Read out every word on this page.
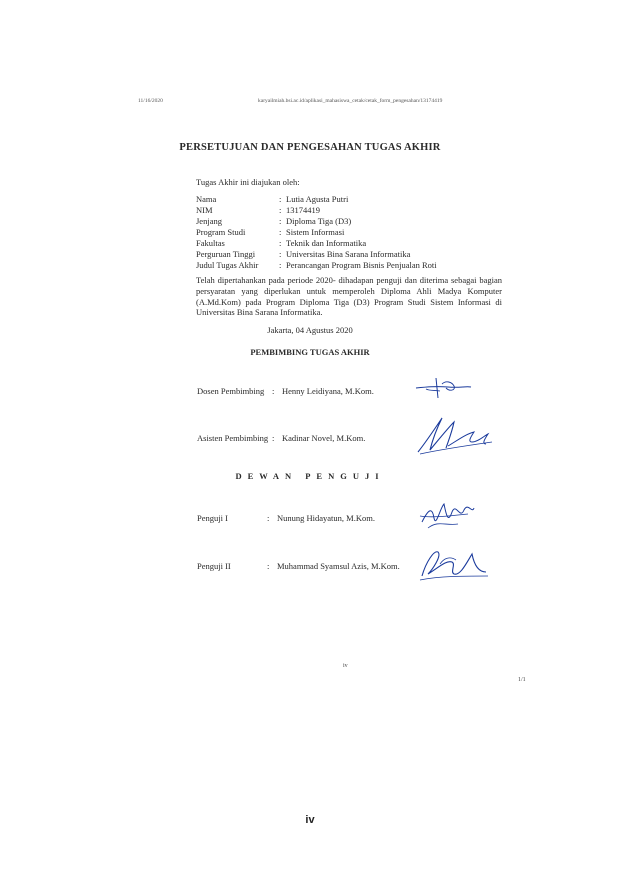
11/16/2020	karyailmiah.bsi.ac.id/aplikasi_mahasiswa_cetak/cetak_form_pengesahan/13174419
PERSETUJUAN DAN PENGESAHAN TUGAS AKHIR
Tugas Akhir ini diajukan oleh:
Nama	: Lutia Agusta Putri
NIM	: 13174419
Jenjang	: Diploma Tiga (D3)
Program Studi	: Sistem Informasi
Fakultas	: Teknik dan Informatika
Perguruan Tinggi	: Universitas Bina Sarana Informatika
Judul Tugas Akhir : Perancangan Program Bisnis Penjualan Roti
Telah dipertahankan pada periode 2020- dihadapan penguji dan diterima sebagai bagian persyaratan yang diperlukan untuk memperoleh Diploma Ahli Madya Komputer (A.Md.Kom) pada Program Diploma Tiga (D3) Program Studi Sistem Informasi di Universitas Bina Sarana Informatika.
Jakarta, 04 Agustus 2020
PEMBIMBING TUGAS AKHIR
Dosen Pembimbing : Henny Leidiyana, M.Kom.
Asisten Pembimbing : Kadinar Novel, M.Kom.
DEWAN PENGUJI
Penguji I	: Nunung Hidayatun, M.Kom.
Penguji II	: Muhammad Syamsul Azis, M.Kom.
iv
1/1
iv
